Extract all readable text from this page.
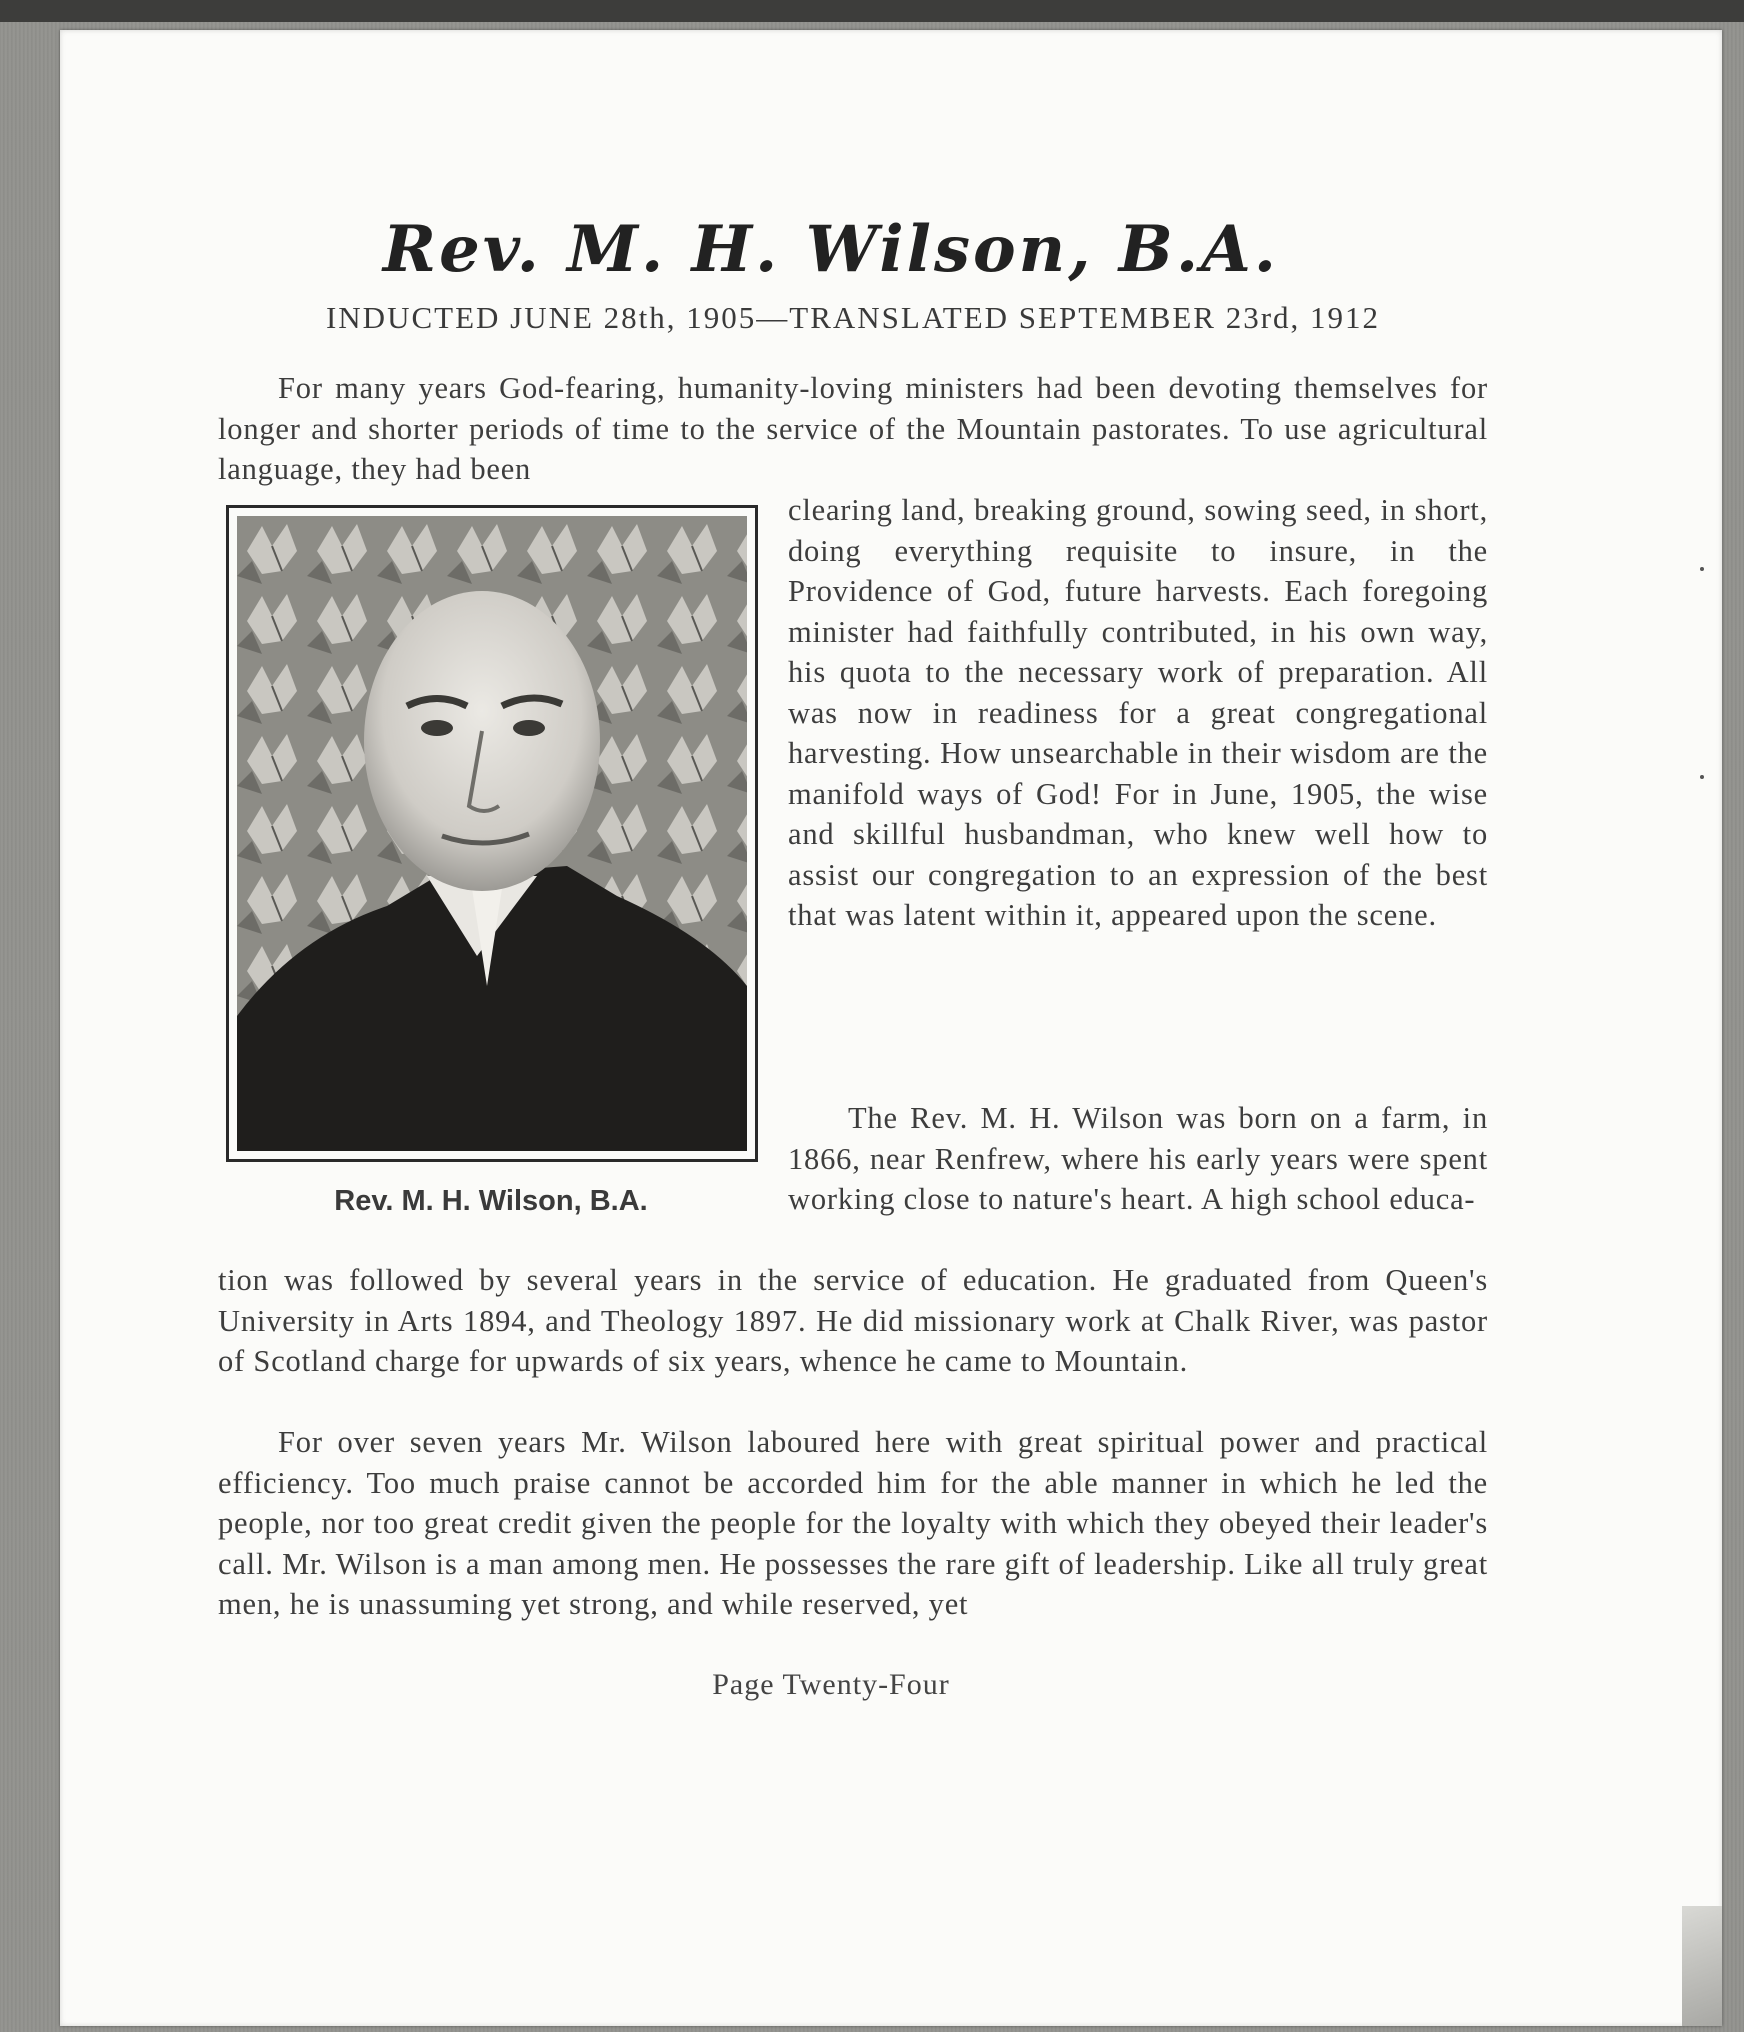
Rev. M. H. Wilson, B.A.
INDUCTED JUNE 28th, 1905—TRANSLATED SEPTEMBER 23rd, 1912

For many years God-fearing, humanity-loving ministers had been devoting themselves for longer and shorter periods of time to the service of the Mountain pastorates. To use agricultural language, they had been

Rev. M. H. Wilson, B.A.

clearing land, breaking ground, sowing seed, in short, doing everything requisite to insure, in the Providence of God, future harvests. Each foregoing minister had faithfully contributed, in his own way, his quota to the necessary work of preparation. All was now in readiness for a great congregational harvesting. How unsearchable in their wisdom are the manifold ways of God! For in June, 1905, the wise and skillful husbandman, who knew well how to assist our congregation to an expression of the best that was latent within it, appeared upon the scene.

The Rev. M. H. Wilson was born on a farm, in 1866, near Renfrew, where his early years were spent working close to nature's heart. A high school educa-

tion was followed by several years in the service of education. He graduated from Queen's University in Arts 1894, and Theology 1897. He did missionary work at Chalk River, was pastor of Scotland charge for upwards of six years, whence he came to Mountain.

For over seven years Mr. Wilson laboured here with great spiritual power and practical efficiency. Too much praise cannot be accorded him for the able manner in which he led the people, nor too great credit given the people for the loyalty with which they obeyed their leader's call. Mr. Wilson is a man among men. He possesses the rare gift of leadership. Like all truly great men, he is unassuming yet strong, and while reserved, yet

Page Twenty-Four
